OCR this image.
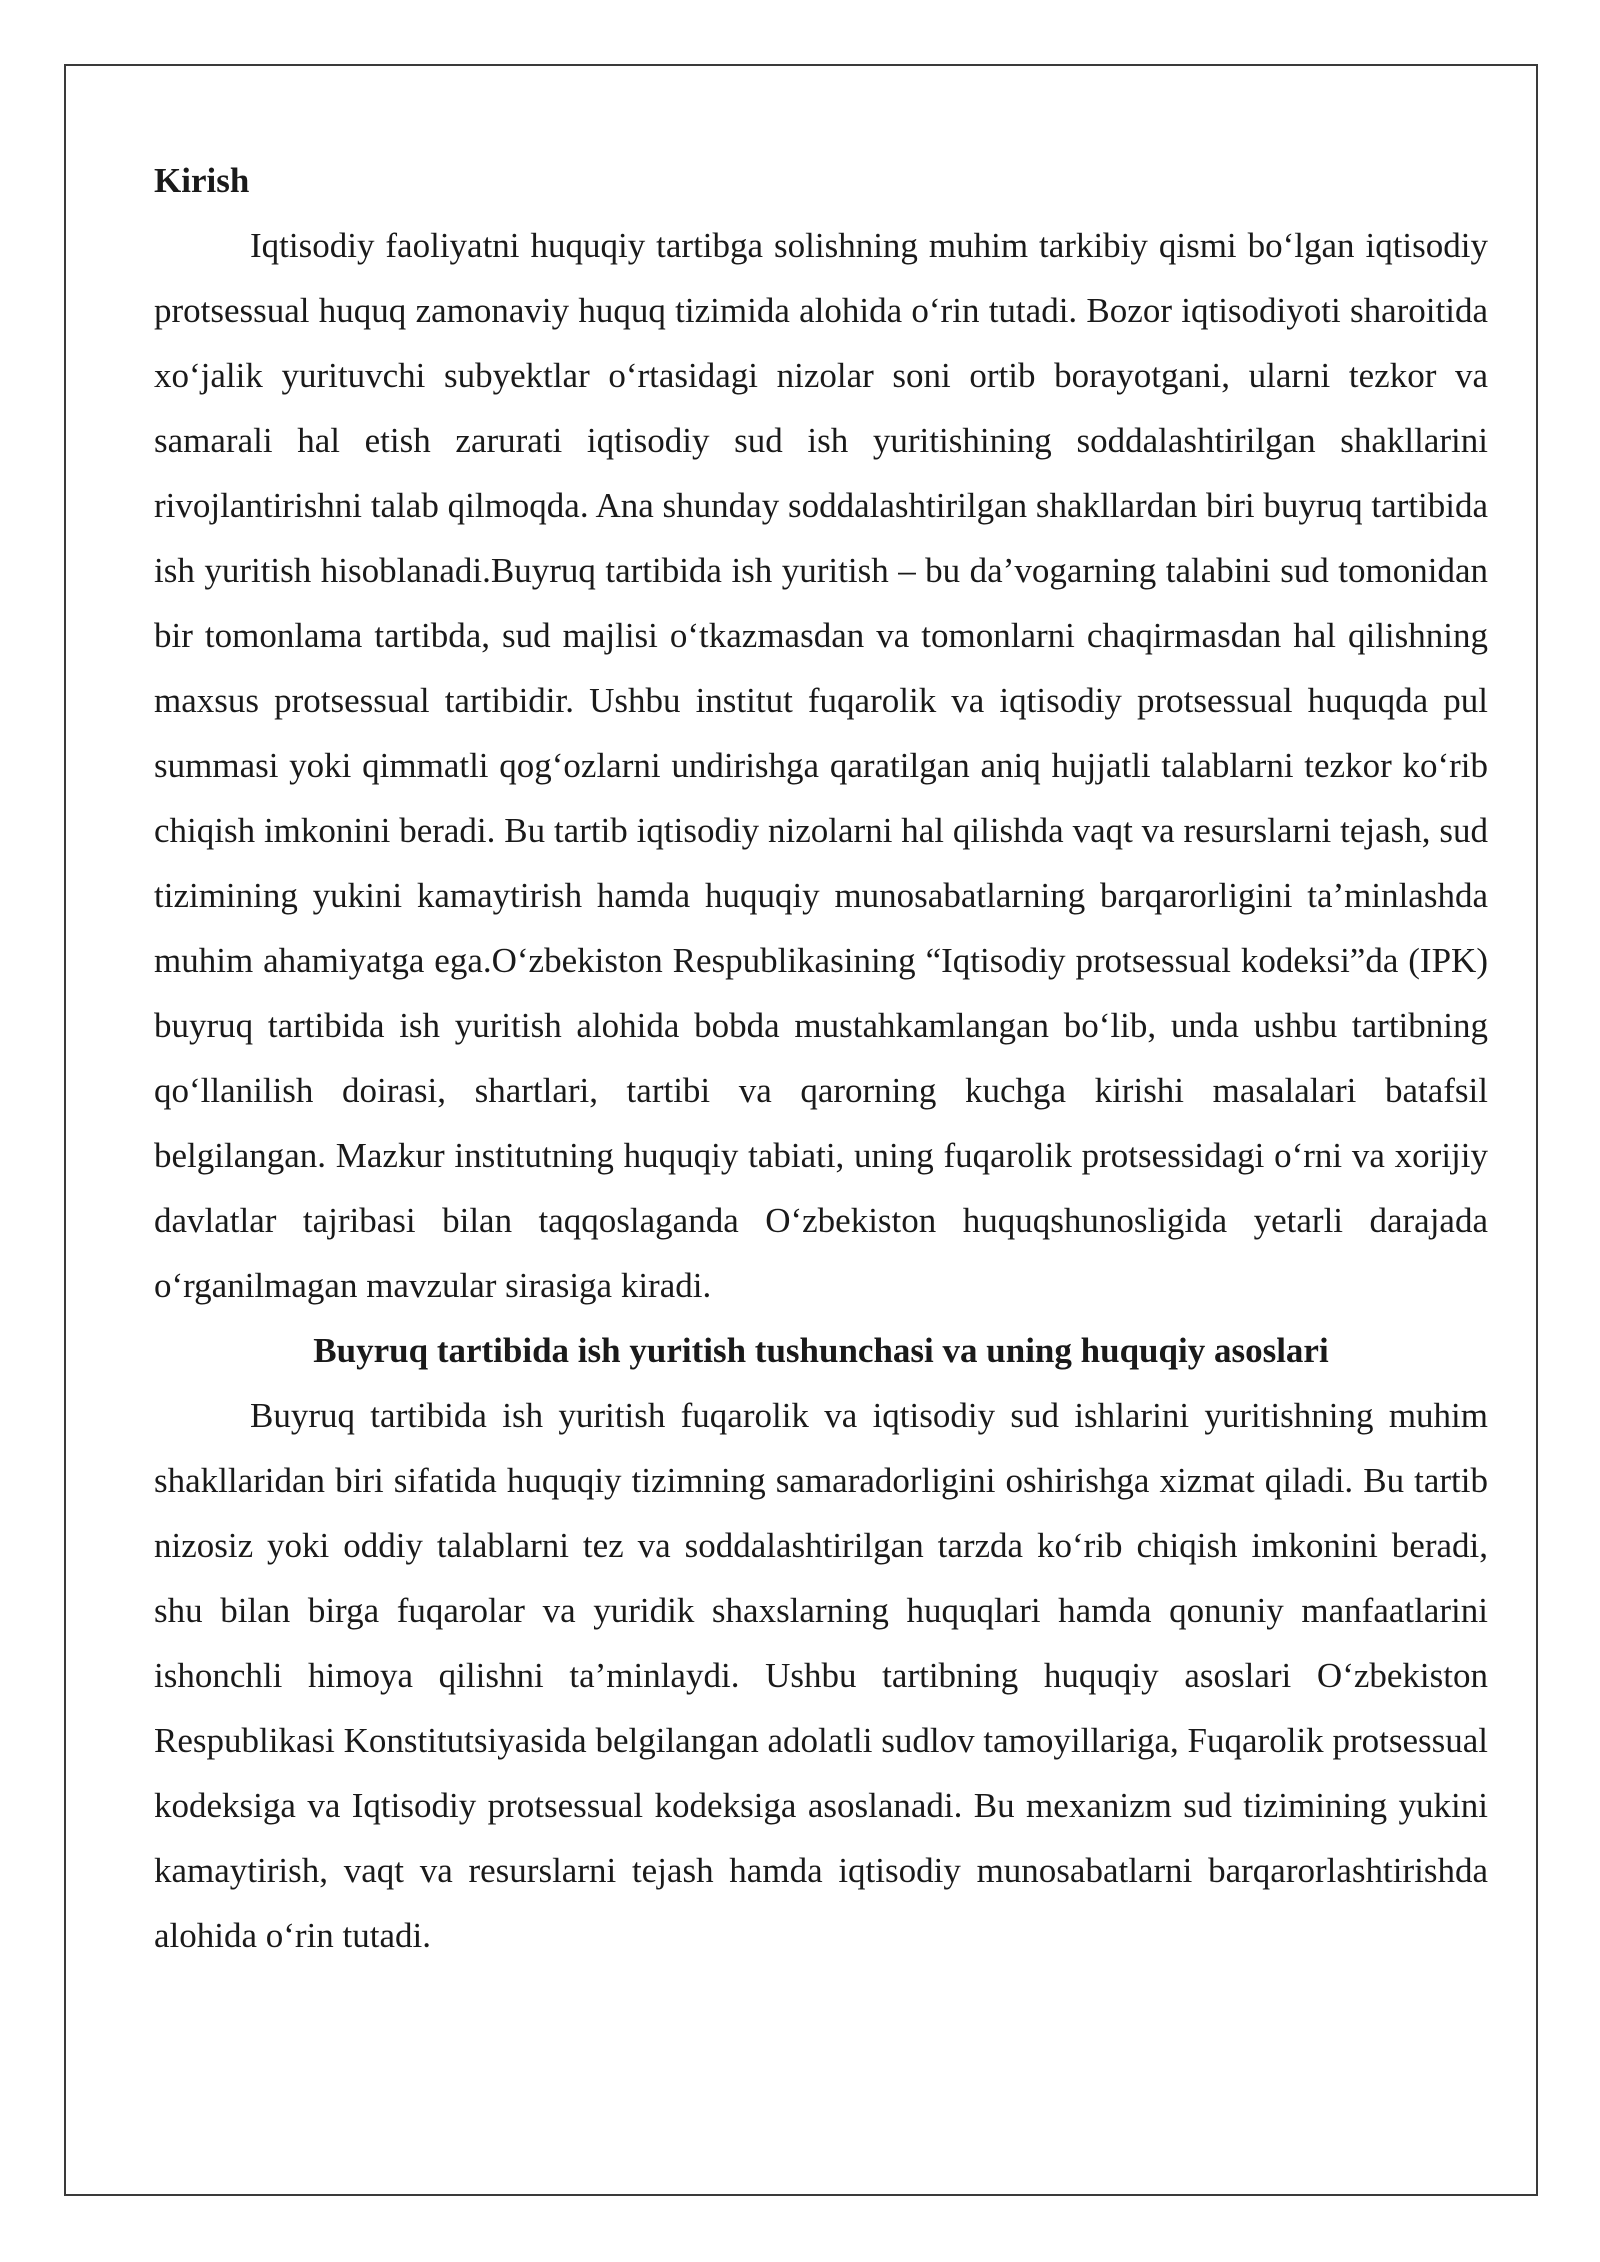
Kirish

Iqtisodiy faoliyatni huquqiy tartibga solishning muhim tarkibiy qismi boʻlgan iqtisodiy protsessual huquq zamonaviy huquq tizimida alohida oʻrin tutadi. Bozor iqtisodiyoti sharoitida xoʻjalik yurituvchi subyektlar oʻrtasidagi nizolar soni ortib borayotgani, ularni tezkor va samarali hal etish zarurati iqtisodiy sud ish yuritishining soddalashtirilgan shakllarini rivojlantirishni talab qilmoqda. Ana shunday soddalashtirilgan shakllardan biri buyruq tartibida ish yuritish hisoblanadi.Buyruq tartibida ish yuritish – bu da’vogarning talabini sud tomonidan bir tomonlama tartibda, sud majlisi oʻtkazmasdan va tomonlarni chaqirmasdan hal qilishning maxsus protsessual tartibidir. Ushbu institut fuqarolik va iqtisodiy protsessual huquqda pul summasi yoki qimmatli qogʻozlarni undirishga qaratilgan aniq hujjatli talablarni tezkor koʻrib chiqish imkonini beradi. Bu tartib iqtisodiy nizolarni hal qilishda vaqt va resurslarni tejash, sud tizimining yukini kamaytirish hamda huquqiy munosabatlarning barqarorligini ta’minlashda muhim ahamiyatga ega.Oʻzbekiston Respublikasining “Iqtisodiy protsessual kodeksi”da (IPK) buyruq tartibida ish yuritish alohida bobda mustahkamlangan boʻlib, unda ushbu tartibning qoʻllanilish doirasi, shartlari, tartibi va qarorning kuchga kirishi masalalari batafsil belgilangan. Mazkur institutning huquqiy tabiati, uning fuqarolik protsessidagi oʻrni va xorijiy davlatlar tajribasi bilan taqqoslaganda Oʻzbekiston huquqshunosligida yetarli darajada oʻrganilmagan mavzular sirasiga kiradi.

Buyruq tartibida ish yuritish tushunchasi va uning huquqiy asoslari

Buyruq tartibida ish yuritish fuqarolik va iqtisodiy sud ishlarini yuritishning muhim shakllaridan biri sifatida huquqiy tizimning samaradorligini oshirishga xizmat qiladi. Bu tartib nizosiz yoki oddiy talablarni tez va soddalashtirilgan tarzda koʻrib chiqish imkonini beradi, shu bilan birga fuqarolar va yuridik shaxslarning huquqlari hamda qonuniy manfaatlarini ishonchli himoya qilishni ta’minlaydi. Ushbu tartibning huquqiy asoslari Oʻzbekiston Respublikasi Konstitutsiyasida belgilangan adolatli sudlov tamoyillariga, Fuqarolik protsessual kodeksiga va Iqtisodiy protsessual kodeksiga asoslanadi. Bu mexanizm sud tizimining yukini kamaytirish, vaqt va resurslarni tejash hamda iqtisodiy munosabatlarni barqarorlashtirishda alohida oʻrin tutadi.
